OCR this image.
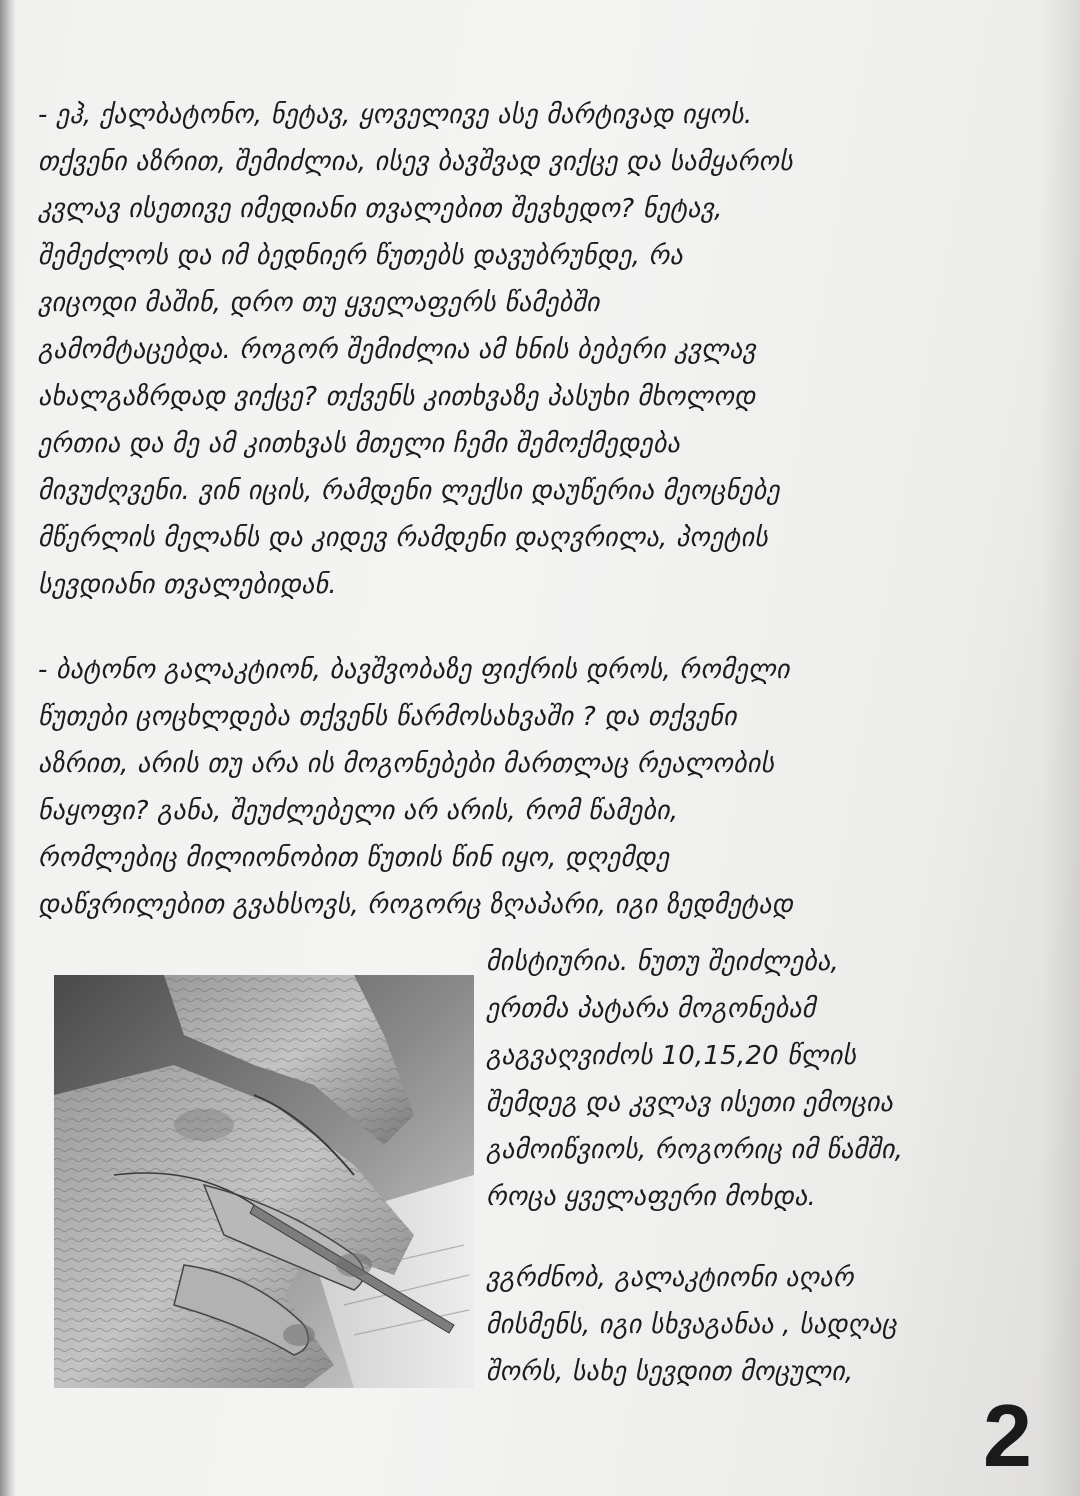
- ეჰ, ქალბატონო, ნეტავ, ყოველივე ასე მარტივად იყოს.
თქვენი აზრით, შემიძლია, ისევ ბავშვად ვიქცე და სამყაროს
კვლავ ისეთივე იმედიანი თვალებით შევხედო? ნეტავ,
შემეძლოს და იმ ბედნიერ წუთებს დავუბრუნდე, რა
ვიცოდი მაშინ, დრო თუ ყველაფერს წამებში
გამომტაცებდა. როგორ შემიძლია ამ ხნის ბებერი კვლავ
ახალგაზრდად ვიქცე? თქვენს კითხვაზე პასუხი მხოლოდ
ერთია და მე ამ კითხვას მთელი ჩემი შემოქმედება
მივუძღვენი. ვინ იცის, რამდენი ლექსი დაუწერია მეოცნებე
მწერლის მელანს და კიდევ რამდენი დაღვრილა, პოეტის
სევდიანი თვალებიდან.

- ბატონო გალაკტიონ, ბავშვობაზე ფიქრის დროს, რომელი
წუთები ცოცხლდება თქვენს წარმოსახვაში ? და თქვენი
აზრით, არის თუ არა ის მოგონებები მართლაც რეალობის
ნაყოფი? განა, შეუძლებელი არ არის, რომ წამები,
რომლებიც მილიონობით წუთის წინ იყო, დღემდე
დაწვრილებით გვახსოვს, როგორც ზღაპარი, იგი ზედმეტად

მისტიურია. ნუთუ შეიძლება,
ერთმა პატარა მოგონებამ
გაგვაღვიძოს 10,15,20 წლის
შემდეგ და კვლავ ისეთი ემოცია
გამოიწვიოს, როგორიც იმ წამში,
როცა ყველაფერი მოხდა.

ვგრძნობ, გალაკტიონი აღარ
მისმენს, იგი სხვაგანაა , სადღაც
შორს, სახე სევდით მოცული,

2
